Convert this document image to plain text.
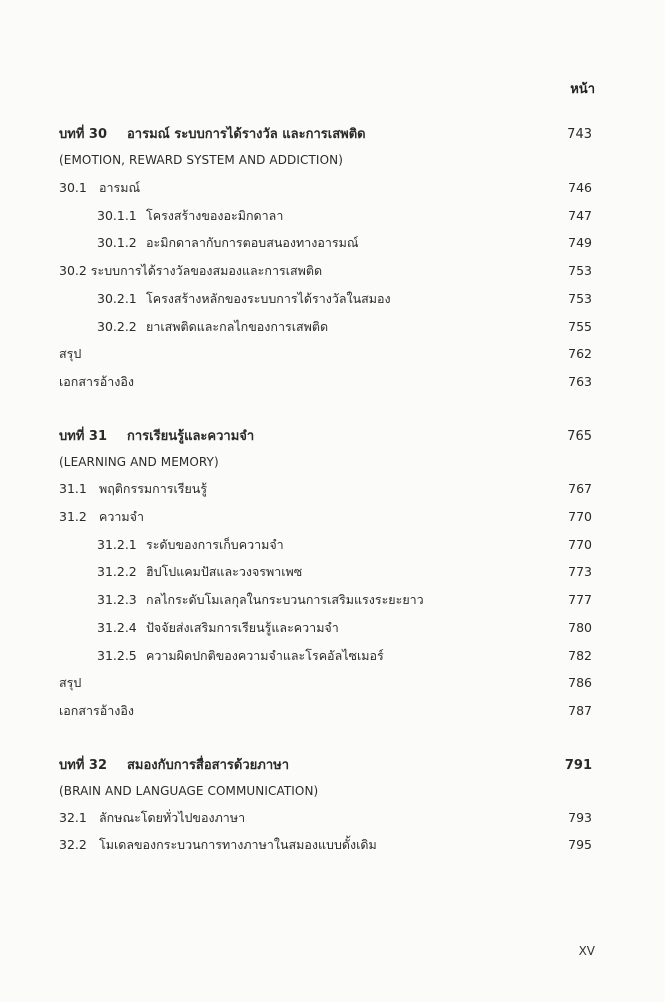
หน้า
บทที่ 30 อารมณ์ ระบบการได้รางวัล และการเสพติด	743
(EMOTION, REWARD SYSTEM AND ADDICTION)
30.1 อารมณ์	746
30.1.1 โครงสร้างของอะมิกดาลา	747
30.1.2 อะมิกดาลากับการตอบสนองทางอารมณ์	749
30.2 ระบบการได้รางวัลของสมองและการเสพติด	753
30.2.1 โครงสร้างหลักของระบบการได้รางวัลในสมอง	753
30.2.2 ยาเสพติดและกลไกของการเสพติด	755
สรุป	762
เอกสารอ้างอิง	763
บทที่ 31 การเรียนรู้และความจำ	765
(LEARNING AND MEMORY)
31.1 พฤติกรรมการเรียนรู้	767
31.2 ความจำ	770
31.2.1 ระดับของการเก็บความจำ	770
31.2.2 ฮิปโปแคมปัสและวงจรพาเพซ	773
31.2.3 กลไกระดับโมเลกุลในกระบวนการเสริมแรงระยะยาว	777
31.2.4 ปัจจัยส่งเสริมการเรียนรู้และความจำ	780
31.2.5 ความผิดปกติของความจำและโรคอัลไซเมอร์	782
สรุป	786
เอกสารอ้างอิง	787
บทที่ 32 สมองกับการสื่อสารด้วยภาษา	791
(BRAIN AND LANGUAGE COMMUNICATION)
32.1 ลักษณะโดยทั่วไปของภาษา	793
32.2 โมเดลของกระบวนการทางภาษาในสมองแบบดั้งเดิม	795
XV
